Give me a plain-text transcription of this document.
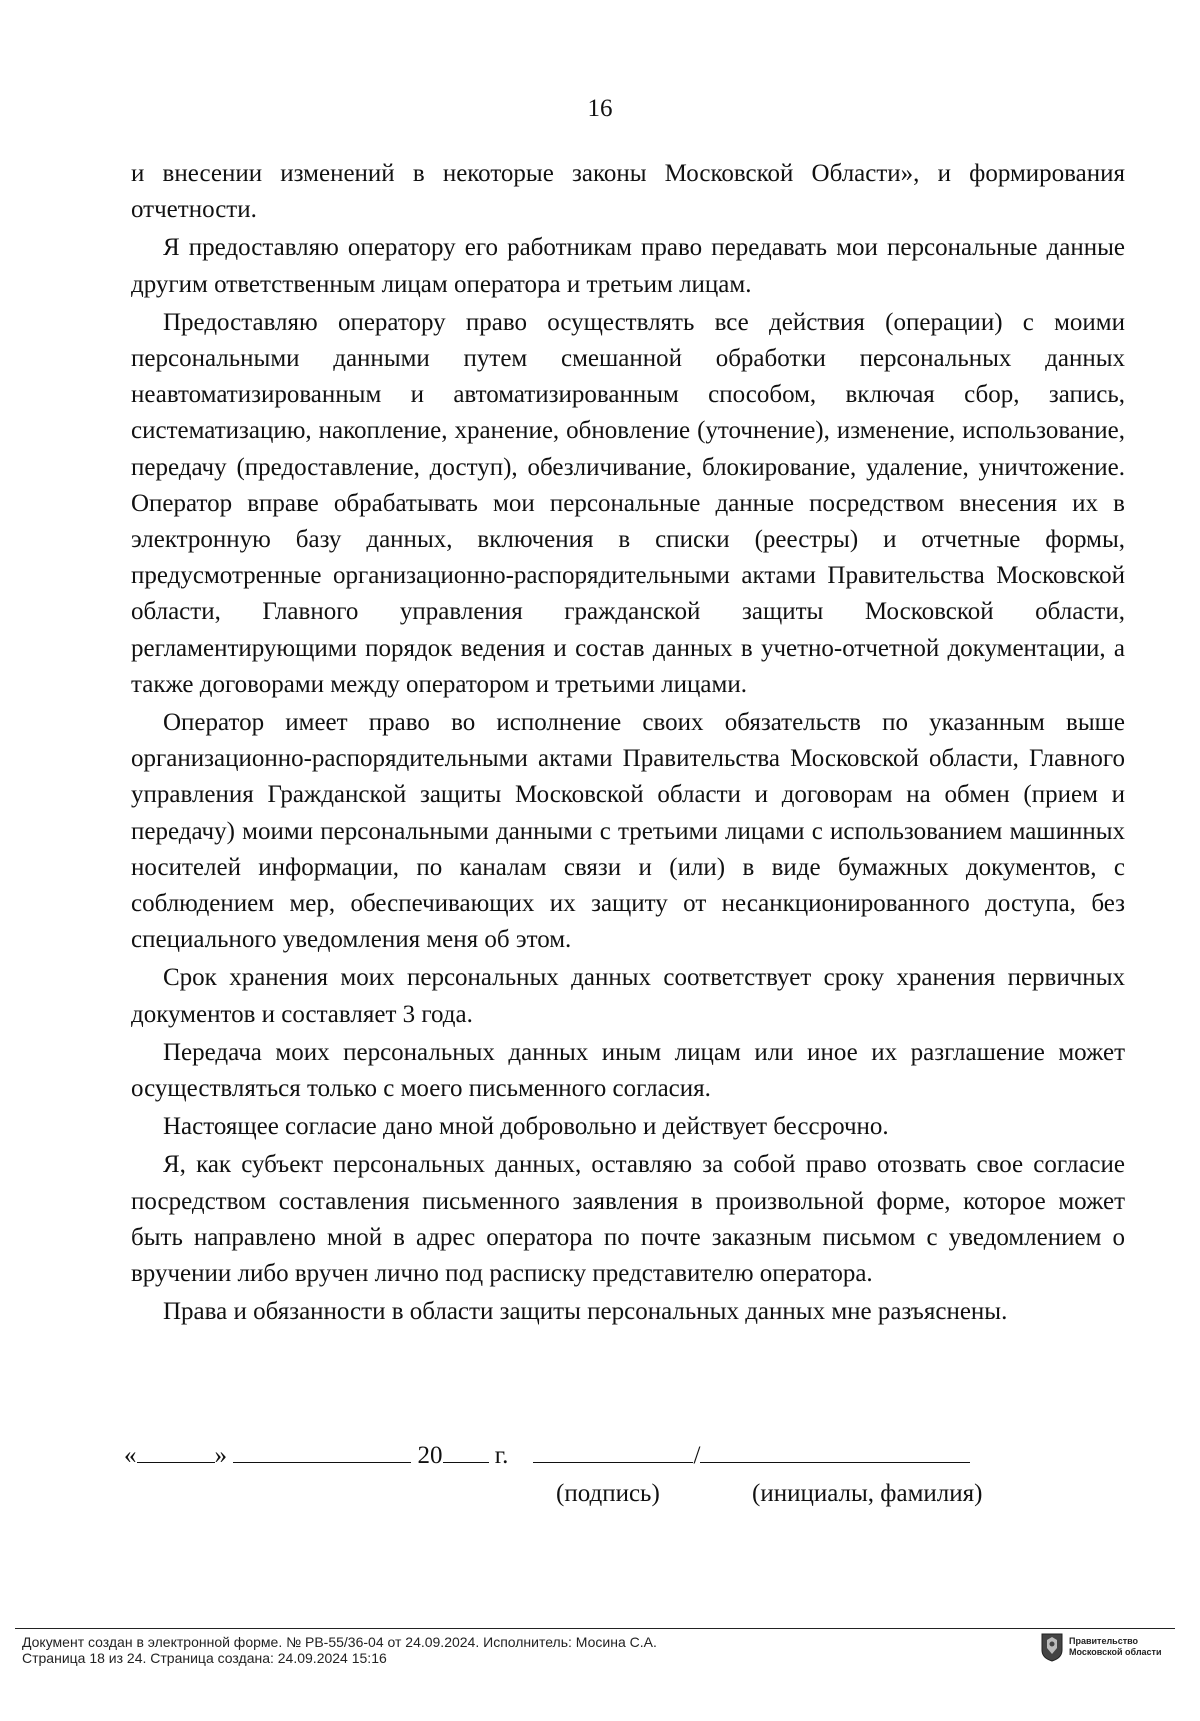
16

и внесении изменений в некоторые законы Московской Области», и формирования отчетности.

Я предоставляю оператору его работникам право передавать мои персональные данные другим ответственным лицам оператора и третьим лицам.

Предоставляю оператору право осуществлять все действия (операции) с моими персональными данными путем смешанной обработки персональных данных неавтоматизированным и автоматизированным способом, включая сбор, запись, систематизацию, накопление, хранение, обновление (уточнение), изменение, использование, передачу (предоставление, доступ), обезличивание, блокирование, удаление, уничтожение. Оператор вправе обрабатывать мои персональные данные посредством внесения их в электронную базу данных, включения в списки (реестры) и отчетные формы, предусмотренные организационно-распорядительными актами Правительства Московской области, Главного управления гражданской защиты Московской области, регламентирующими порядок ведения и состав данных в учетно-отчетной документации, а также договорами между оператором и третьими лицами.

Оператор имеет право во исполнение своих обязательств по указанным выше организационно-распорядительными актами Правительства Московской области, Главного управления Гражданской защиты Московской области и договорам на обмен (прием и передачу) моими персональными данными с третьими лицами с использованием машинных носителей информации, по каналам связи и (или) в виде бумажных документов, с соблюдением мер, обеспечивающих их защиту от несанкционированного доступа, без специального уведомления меня об этом.

Срок хранения моих персональных данных соответствует сроку хранения первичных документов и составляет 3 года.

Передача моих персональных данных иным лицам или иное их разглашение может осуществляться только с моего письменного согласия.

Настоящее согласие дано мной добровольно и действует бессрочно.

Я, как субъект персональных данных, оставляю за собой право отозвать свое согласие посредством составления письменного заявления в произвольной форме, которое может быть направлено мной в адрес оператора по почте заказным письмом с уведомлением о вручении либо вручен лично под расписку представителю оператора.

Права и обязанности в области защиты персональных данных мне разъяснены.

«	»	20 г.	/
(подпись)	(инициалы, фамилия)
Документ создан в электронной форме. № РВ-55/36-04 от 24.09.2024. Исполнитель: Мосина С.А.
Страница 18 из 24. Страница создана: 24.09.2024 15:16
Правительство
Московской области
